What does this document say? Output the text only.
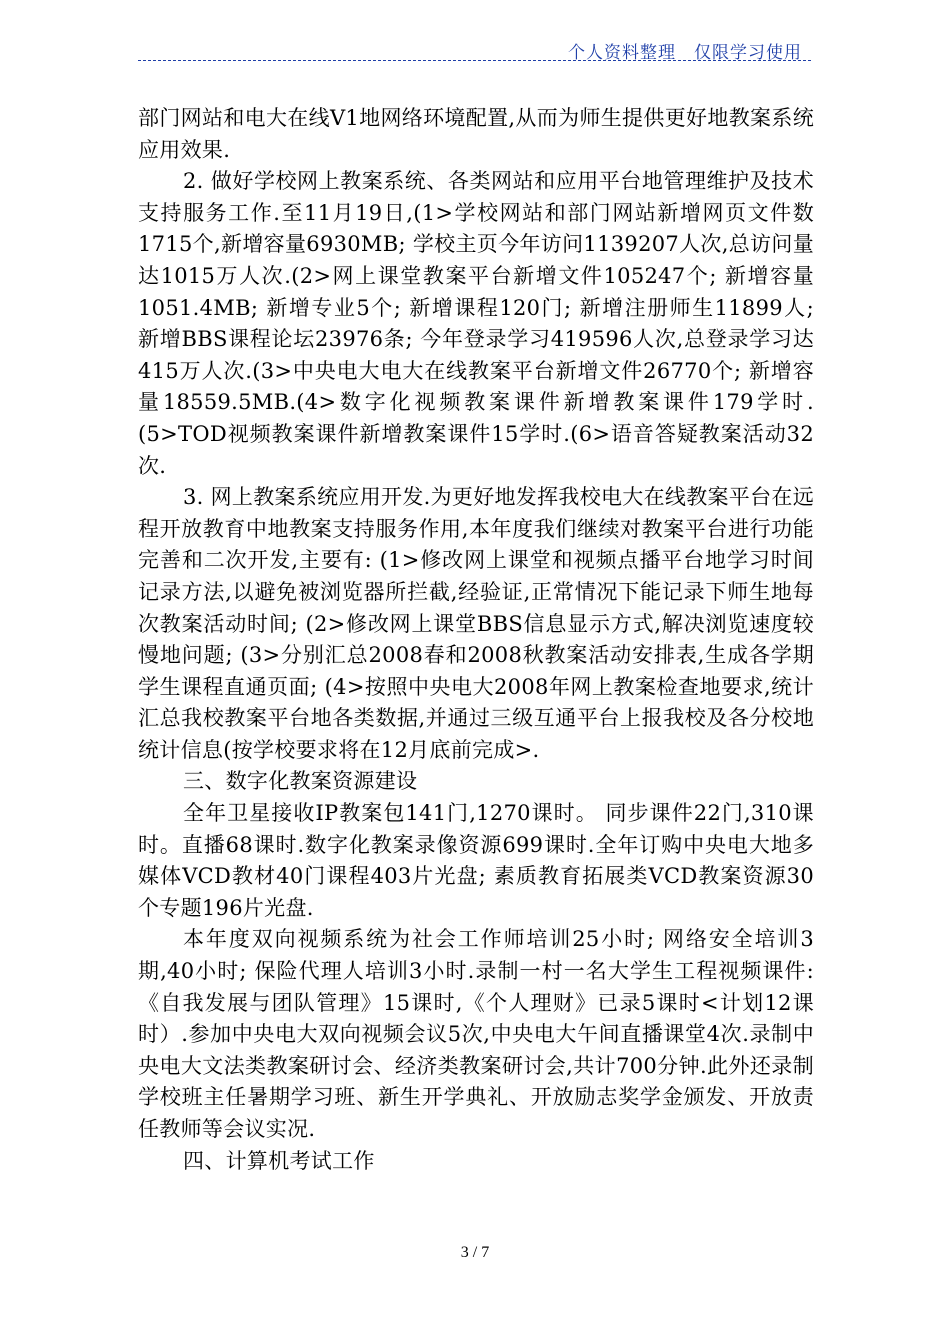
个人资料整理　仅限学习使用

部门网站和电大在线V1地网络环境配置,从而为师生提供更好地教案系统应用效果.

2. 做好学校网上教案系统、各类网站和应用平台地管理维护及技术支持服务工作.至11月19日,(1>学校网站和部门网站新增网页文件数1715个,新增容量6930MB; 学校主页今年访问1139207人次,总访问量达1015万人次.(2>网上课堂教案平台新增文件105247个; 新增容量1051.4MB; 新增专业5个; 新增课程120门; 新增注册师生11899人; 新增BBS课程论坛23976条; 今年登录学习419596人次,总登录学习达415万人次.(3>中央电大电大在线教案平台新增文件26770个; 新增容量18559.5MB.(4>数字化视频教案课件新增教案课件179学时.(5>TOD视频教案课件新增教案课件15学时.(6>语音答疑教案活动32次.

3. 网上教案系统应用开发.为更好地发挥我校电大在线教案平台在远程开放教育中地教案支持服务作用,本年度我们继续对教案平台进行功能完善和二次开发,主要有: (1>修改网上课堂和视频点播平台地学习时间记录方法,以避免被浏览器所拦截,经验证,正常情况下能记录下师生地每次教案活动时间; (2>修改网上课堂BBS信息显示方式,解决浏览速度较慢地问题; (3>分别汇总2008春和2008秋教案活动安排表,生成各学期学生课程直通页面; (4>按照中央电大2008年网上教案检查地要求,统计汇总我校教案平台地各类数据,并通过三级互通平台上报我校及各分校地统计信息(按学校要求将在12月底前完成>.

三、数字化教案资源建设

全年卫星接收IP教案包141门,1270课时。 同步课件22门,310课时。直播68课时.数字化教案录像资源699课时.全年订购中央电大地多媒体VCD教材40门课程403片光盘; 素质教育拓展类VCD教案资源30个专题196片光盘.

本年度双向视频系统为社会工作师培训25小时; 网络安全培训3期,40小时; 保险代理人培训3小时.录制一村一名大学生工程视频课件: 《自我发展与团队管理》15课时,《个人理财》已录5课时<计划12课时）.参加中央电大双向视频会议5次,中央电大午间直播课堂4次.录制中央电大文法类教案研讨会、经济类教案研讨会,共计700分钟.此外还录制学校班主任暑期学习班、新生开学典礼、开放励志奖学金颁发、开放责任教师等会议实况.

四、计算机考试工作

3 / 7
